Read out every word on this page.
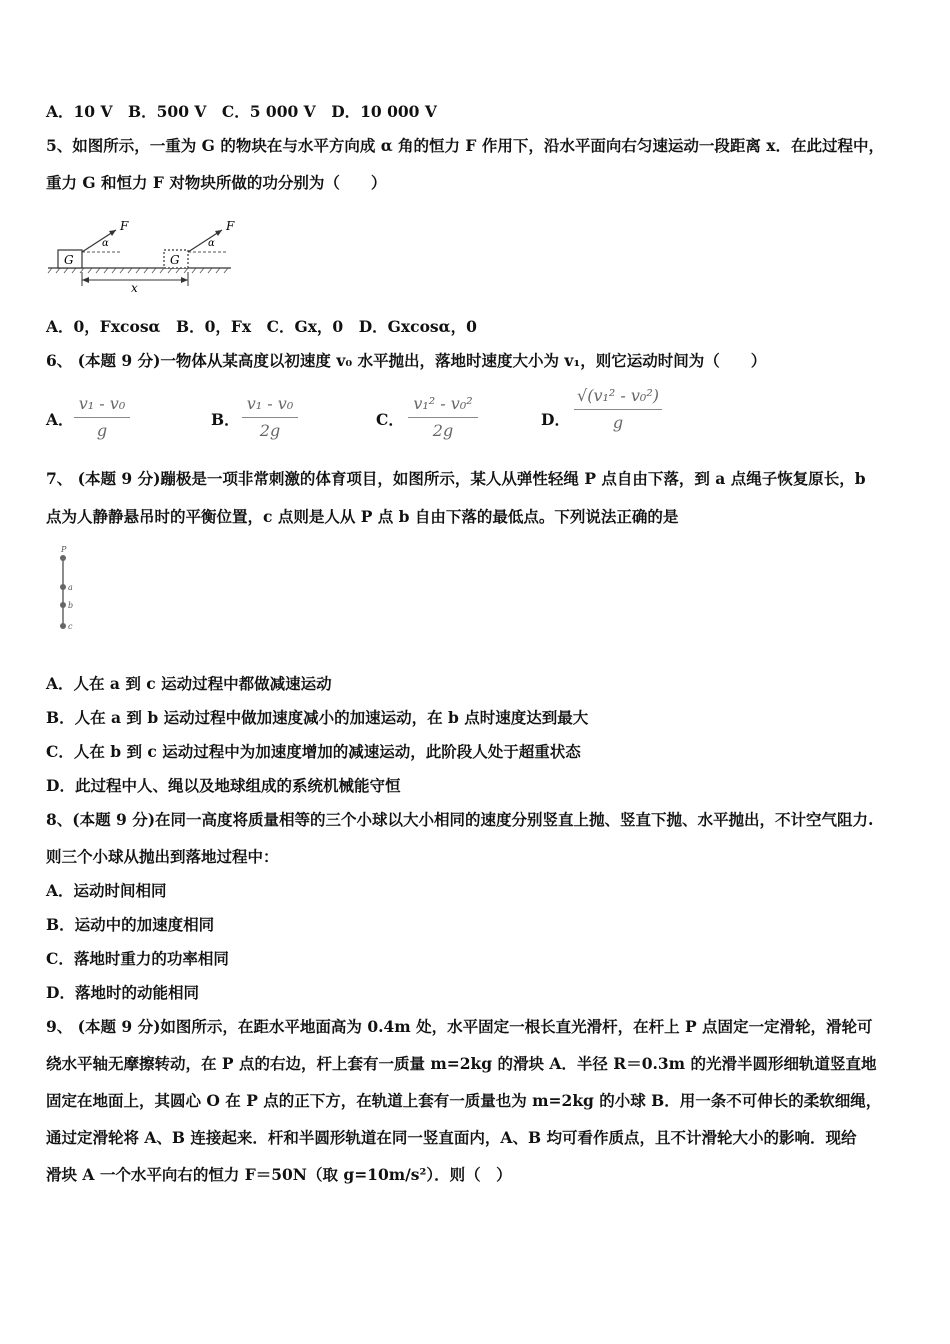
A．10 V　B．500 V　C．5 000 V　D．10 000 V
5、如图所示，一重为 G 的物块在与水平方向成 α 角的恒力 F 作用下，沿水平面向右匀速运动一段距离 x．在此过程中，
重力 G 和恒力 F 对物块所做的功分别为（　　）
G
F
α
G
F
α
x
A．0，Fxcosα　B．0，Fx　C．Gx，0　D．Gxcosα，0
6、 (本题 9 分)一物体从某高度以初速度 v₀ 水平抛出，落地时速度大小为 v₁，则它运动时间为（　　）
A．
v₁ - v₀
g
B．
v₁ - v₀
2g
C．
v₁² - v₀²
2g
D．
√(v₁² - v₀²)
g
7、 (本题 9 分)蹦极是一项非常刺激的体育项目，如图所示，某人从弹性轻绳 P 点自由下落，到 a 点绳子恢复原长，b
点为人静静悬吊时的平衡位置，c 点则是人从 P 点 b 自由下落的最低点。下列说法正确的是
P
a
b
c
A．人在 a 到 c 运动过程中都做减速运动
B．人在 a 到 b 运动过程中做加速度减小的加速运动，在 b 点时速度达到最大
C．人在 b 到 c 运动过程中为加速度增加的减速运动，此阶段人处于超重状态
D．此过程中人、绳以及地球组成的系统机械能守恒
8、(本题 9 分)在同一高度将质量相等的三个小球以大小相同的速度分别竖直上抛、竖直下抛、水平抛出，不计空气阻力.
则三个小球从抛出到落地过程中：
A．运动时间相同
B．运动中的加速度相同
C．落地时重力的功率相同
D．落地时的动能相同
9、 (本题 9 分)如图所示，在距水平地面高为 0.4m 处，水平固定一根长直光滑杆，在杆上 P 点固定一定滑轮，滑轮可
绕水平轴无摩擦转动，在 P 点的右边，杆上套有一质量 m=2kg 的滑块 A．半径 R＝0.3m 的光滑半圆形细轨道竖直地
固定在地面上，其圆心 O 在 P 点的正下方，在轨道上套有一质量也为 m=2kg 的小球 B．用一条不可伸长的柔软细绳，
通过定滑轮将 A、B 连接起来．杆和半圆形轨道在同一竖直面内，A、B 均可看作质点，且不计滑轮大小的影响．现给
滑块 A 一个水平向右的恒力 F＝50N（取 g=10m/s²）．则（　）
